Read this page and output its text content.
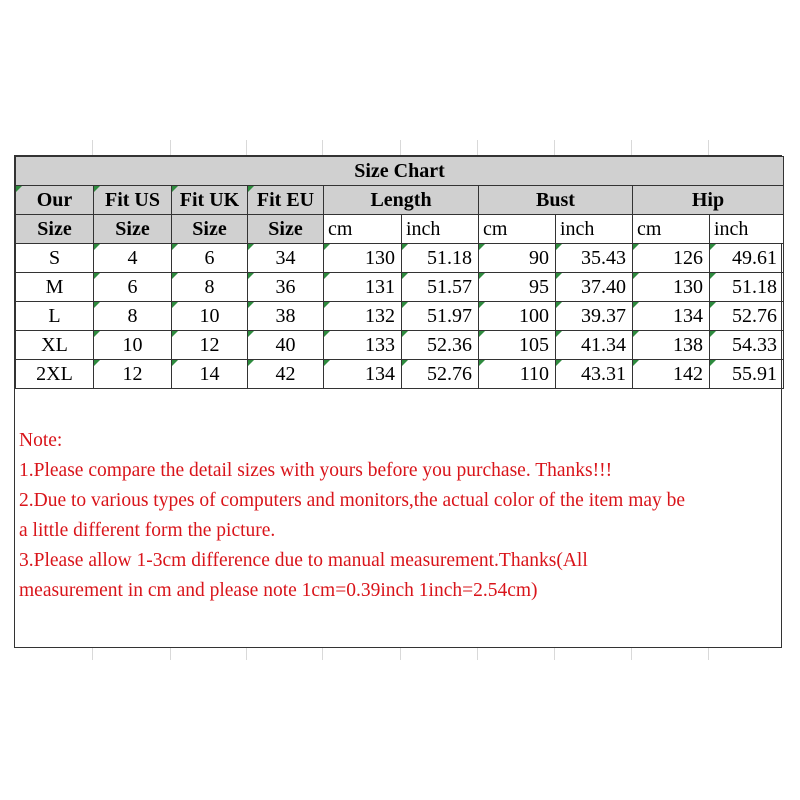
Size Chart									
Our	Fit US	Fit UK	Fit EU	Length		Bust		Hip	
Size	Size	Size	Size	cm	inch	cm	inch	cm	inch
S	4	6	34	130	51.18	90	35.43	126	49.61
M	6	8	36	131	51.57	95	37.40	130	51.18
L	8	10	38	132	51.97	100	39.37	134	52.76
XL	10	12	40	133	52.36	105	41.34	138	54.33
2XL	12	14	42	134	52.76	110	43.31	142	55.91
Note:
1.Please compare the detail sizes with yours before you purchase. Thanks!!!
2.Due to various types of computers and monitors,the actual color of the item may be
a little different form the picture.
3.Please allow 1-3cm difference due to manual measurement.Thanks(All
measurement in cm and please note 1cm=0.39inch 1inch=2.54cm)
